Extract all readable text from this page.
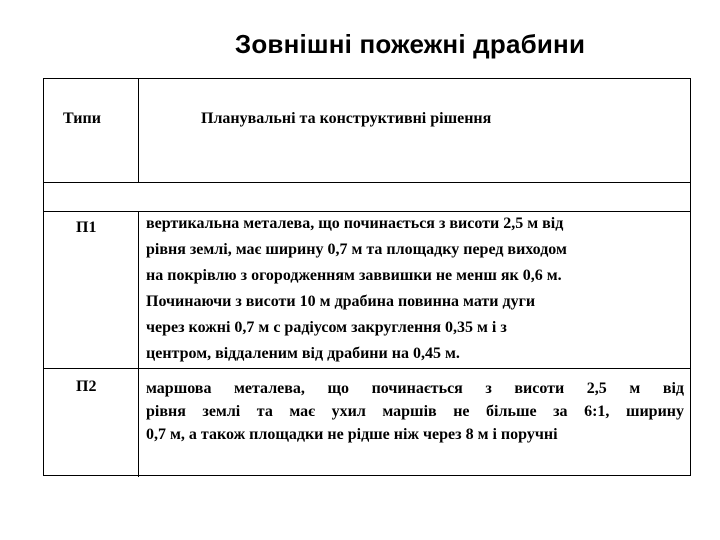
Зовнішні пожежні драбини
Типи	Планувальні та конструктивні рішення
П1	вертикальна металева, що починається з висоти 2,5 м від
рівня землі, має ширину 0,7 м та площадку перед виходом
на покрівлю з огородженням заввишки не менш як 0,6 м.
Починаючи з висоти 10 м драбина повинна мати дуги
через кожні 0,7 м с радіусом закруглення 0,35 м і з
центром, віддаленим від драбини на 0,45 м.
П2	маршова металева, що починається з висоти 2,5 м від
рівня землі та має ухил маршів не більше за 6:1, ширину
0,7 м, а також площадки не рідше ніж через 8 м і поручні
